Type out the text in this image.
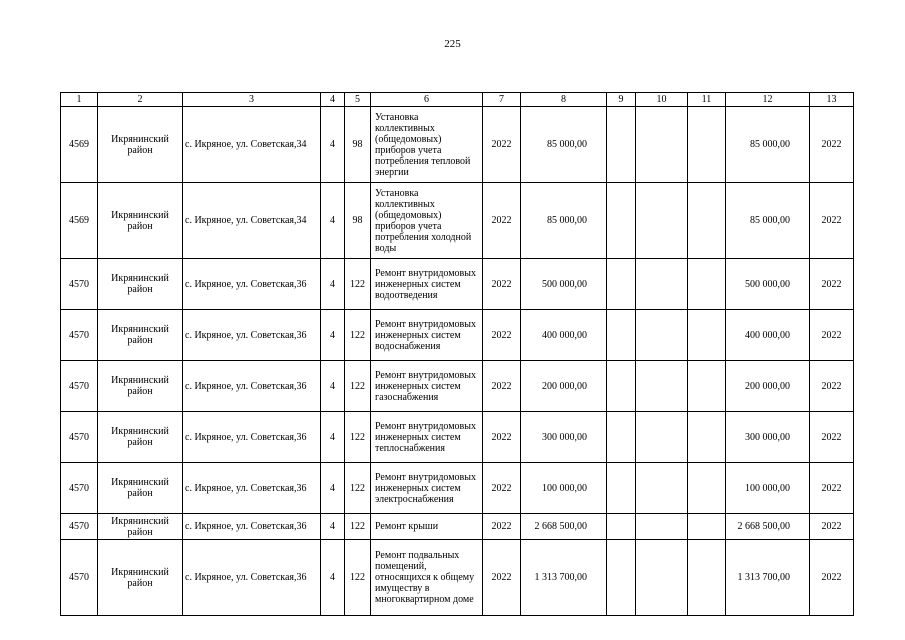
225
1	2	3	4	5	6	7	8	9	10	11	12	13

4569	Икрянинский район	с. Икряное, ул. Советская,34	4	98	Установка коллективных (общедомовых) приборов учета потребления тепловой энергии	2022	85 000,00				85 000,00	2022

4569	Икрянинский район	с. Икряное, ул. Советская,34	4	98	Установка коллективных (общедомовых) приборов учета потребления холодной воды	2022	85 000,00				85 000,00	2022

4570	Икрянинский район	с. Икряное, ул. Советская,36	4	122	Ремонт внутридомовых инженерных систем водоотведения	2022	500 000,00				500 000,00	2022

4570	Икрянинский район	с. Икряное, ул. Советская,36	4	122	Ремонт внутридомовых инженерных систем водоснабжения	2022	400 000,00				400 000,00	2022

4570	Икрянинский район	с. Икряное, ул. Советская,36	4	122	Ремонт внутридомовых инженерных систем газоснабжения	2022	200 000,00				200 000,00	2022

4570	Икрянинский район	с. Икряное, ул. Советская,36	4	122	Ремонт внутридомовых инженерных систем теплоснабжения	2022	300 000,00				300 000,00	2022

4570	Икрянинский район	с. Икряное, ул. Советская,36	4	122	Ремонт внутридомовых инженерных систем электроснабжения	2022	100 000,00				100 000,00	2022

4570	Икрянинский район	с. Икряное, ул. Советская,36	4	122	Ремонт крыши	2022	2 668 500,00				2 668 500,00	2022

4570	Икрянинский район	с. Икряное, ул. Советская,36	4	122	Ремонт подвальных помещений, относящихся к общему имуществу в многоквартирном доме	2022	1 313 700,00				1 313 700,00	2022
